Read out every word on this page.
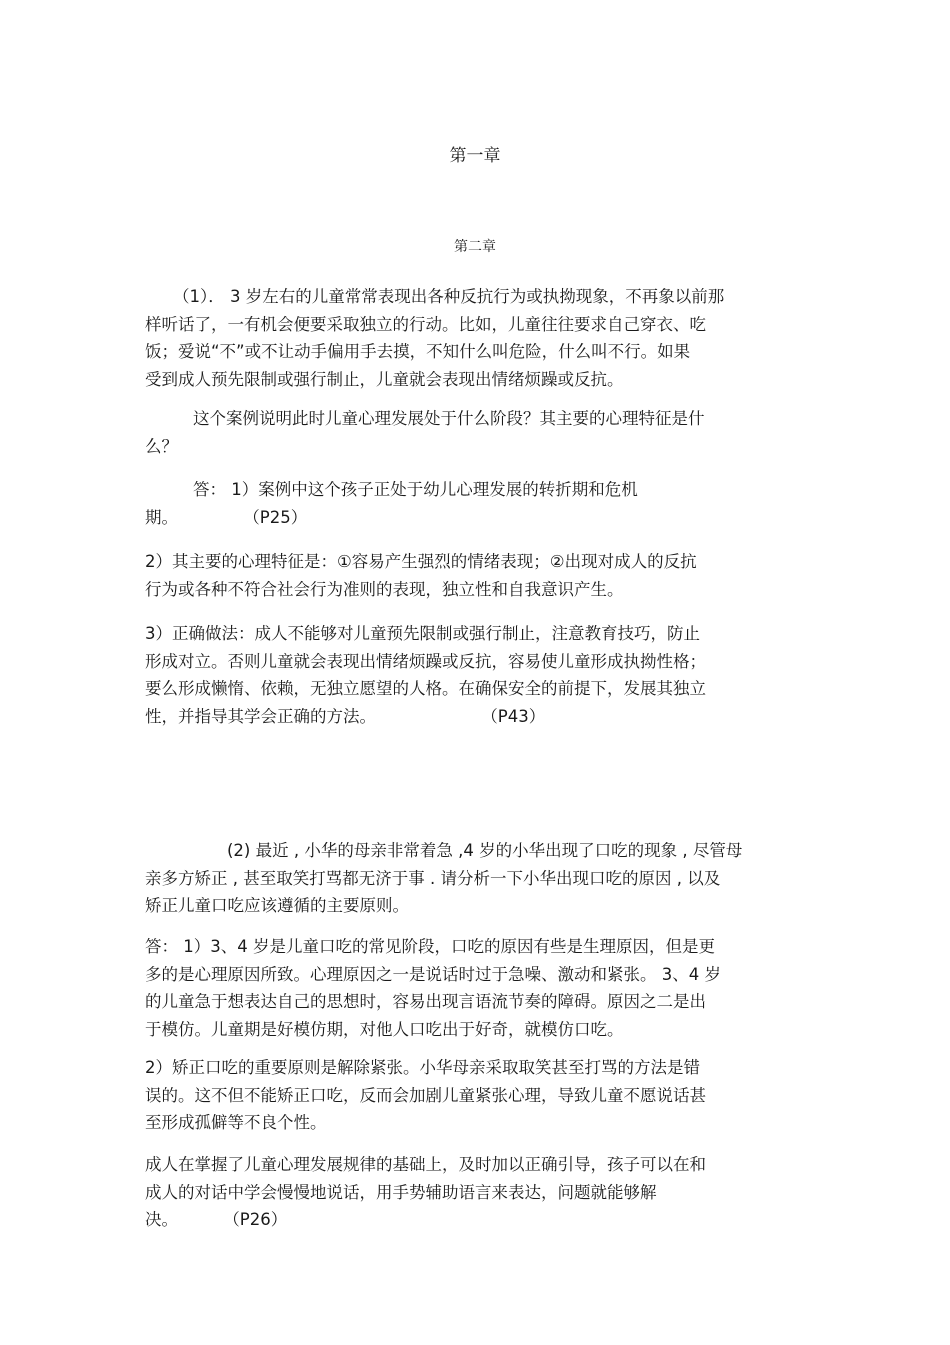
第一章
第二章
（1）． 3 岁左右的儿童常常表现出各种反抗行为或执拗现象，不再象以前那
样听话了，一有机会便要采取独立的行动。比如，儿童往往要求自己穿衣、吃
饭；爱说“不”或不让动手偏用手去摸，不知什么叫危险，什么叫不行。如果
受到成人预先限制或强行制止，儿童就会表现出情绪烦躁或反抗。
这个案例说明此时儿童心理发展处于什么阶段？其主要的心理特征是什
么？
答： 1）案例中这个孩子正处于幼儿心理发展的转折期和危机
期。	（P25）
2）其主要的心理特征是：①容易产生强烈的情绪表现；②出现对成人的反抗
行为或各种不符合社会行为准则的表现，独立性和自我意识产生。
3）正确做法：成人不能够对儿童预先限制或强行制止，注意教育技巧，防止
形成对立。否则儿童就会表现出情绪烦躁或反抗，容易使儿童形成执拗性格；
要么形成懒惰、依赖，无独立愿望的人格。在确保安全的前提下，发展其独立
性，并指导其学会正确的方法。	（P43）
(2) 最近 , 小华的母亲非常着急 ,4 岁的小华出现了口吃的现象 , 尽管母
亲多方矫正 , 甚至取笑打骂都无济于事 . 请分析一下小华出现口吃的原因 , 以及
矫正儿童口吃应该遵循的主要原则。
答： 1）3、4 岁是儿童口吃的常见阶段，口吃的原因有些是生理原因，但是更
多的是心理原因所致。心理原因之一是说话时过于急噪、激动和紧张。 3、4 岁
的儿童急于想表达自己的思想时，容易出现言语流节奏的障碍。原因之二是出
于模仿。儿童期是好模仿期，对他人口吃出于好奇，就模仿口吃。
2）矫正口吃的重要原则是解除紧张。小华母亲采取取笑甚至打骂的方法是错
误的。这不但不能矫正口吃，反而会加剧儿童紧张心理，导致儿童不愿说话甚
至形成孤僻等不良个性。
成人在掌握了儿童心理发展规律的基础上，及时加以正确引导，孩子可以在和
成人的对话中学会慢慢地说话，用手势辅助语言来表达，问题就能够解
决。	（P26）
